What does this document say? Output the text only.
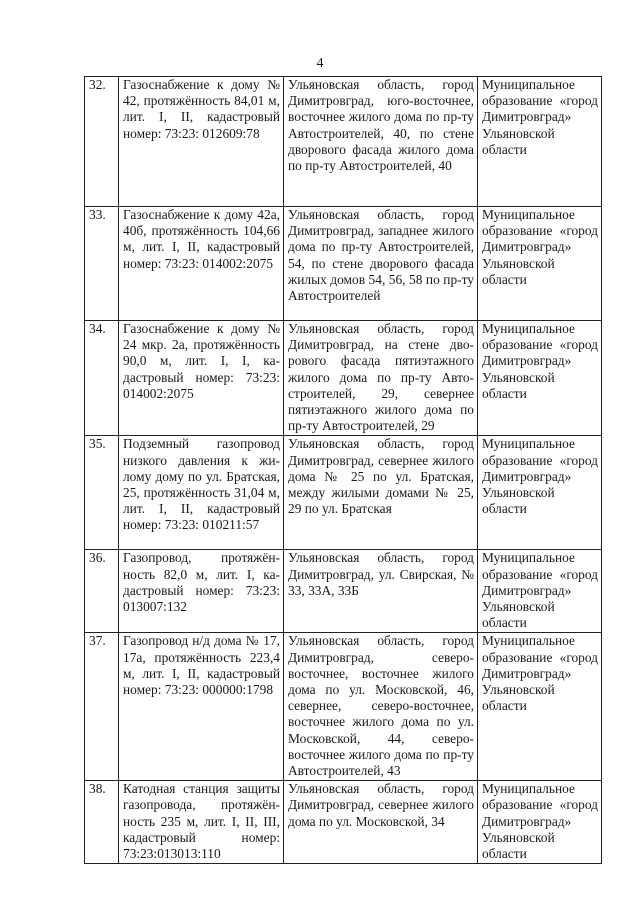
4
32.	Газоснабжение к дому № 42, протяжённость 84,01 м, лит. I, II, кадастровый номер: 73:23: 012609:78	Ульяновская область, город Димитровград, юго-восточнее, восточнее жилого дома по пр-ту Автостроителей, 40, по стене дворового фасада жилого дома по пр-ту Автостроителей, 40	Муниципальное образование «город Димитровград» Ульяновской области
33.	Газоснабжение к дому 42а, 40б, протяжённость 104,66 м, лит. I, II, кадастровый номер: 73:23: 014002:2075	Ульяновская область, город Димитровград, западнее жилого дома по пр-ту Автостроителей, 54, по стене дворового фасада жилых домов 54, 56, 58 по пр-ту Автостроителей	Муниципальное образование «город Димитровград» Ульяновской области
34.	Газоснабжение к дому № 24 мкр. 2а, протяжённость 90,0 м, лит. I, I, кадастровый номер: 73:23: 014002:2075	Ульяновская область, город Димитровград, на стене дворового фасада пятиэтажного жилого дома по пр-ту Автостроителей, 29, севернее пятиэтажного жилого дома по пр-ту Автостроителей, 29	Муниципальное образование «город Димитровград» Ульяновской области
35.	Подземный газопровод низкого давления к жилому дому по ул. Братская, 25, протяжённость 31,04 м, лит. I, II, кадастровый номер: 73:23: 010211:57	Ульяновская область, город Димитровград, севернее жилого дома № 25 по ул. Братская, между жилыми домами № 25, 29 по ул. Братская	Муниципальное образование «город Димитровград» Ульяновской области
36.	Газопровод, протяжённость 82,0 м, лит. I, кадастровый номер: 73:23: 013007:132	Ульяновская область, город Димитровград, ул. Свирская, № 33, 33А, 33Б	Муниципальное образование «город Димитровград» Ульяновской области
37.	Газопровод н/д дома № 17, 17а, протяжённость 223,4 м, лит. I, II, кадастровый номер: 73:23: 000000:1798	Ульяновская область, город Димитровград, северовосточнее, восточнее жилого дома по ул. Московской, 46, севернее, северо-восточнее, восточнее жилого дома по ул. Московской, 44, северовосточнее жилого дома по пр-ту Автостроителей, 43	Муниципальное образование «город Димитровград» Ульяновской области
38.	Катодная станция защиты газопровода, протяжённость 235 м, лит. I, II, III, кадастровый номер: 73:23:013013:110	Ульяновская область, город Димитровград, севернее жилого дома по ул. Московской, 34	Муниципальное образование «город Димитровград» Ульяновской области
